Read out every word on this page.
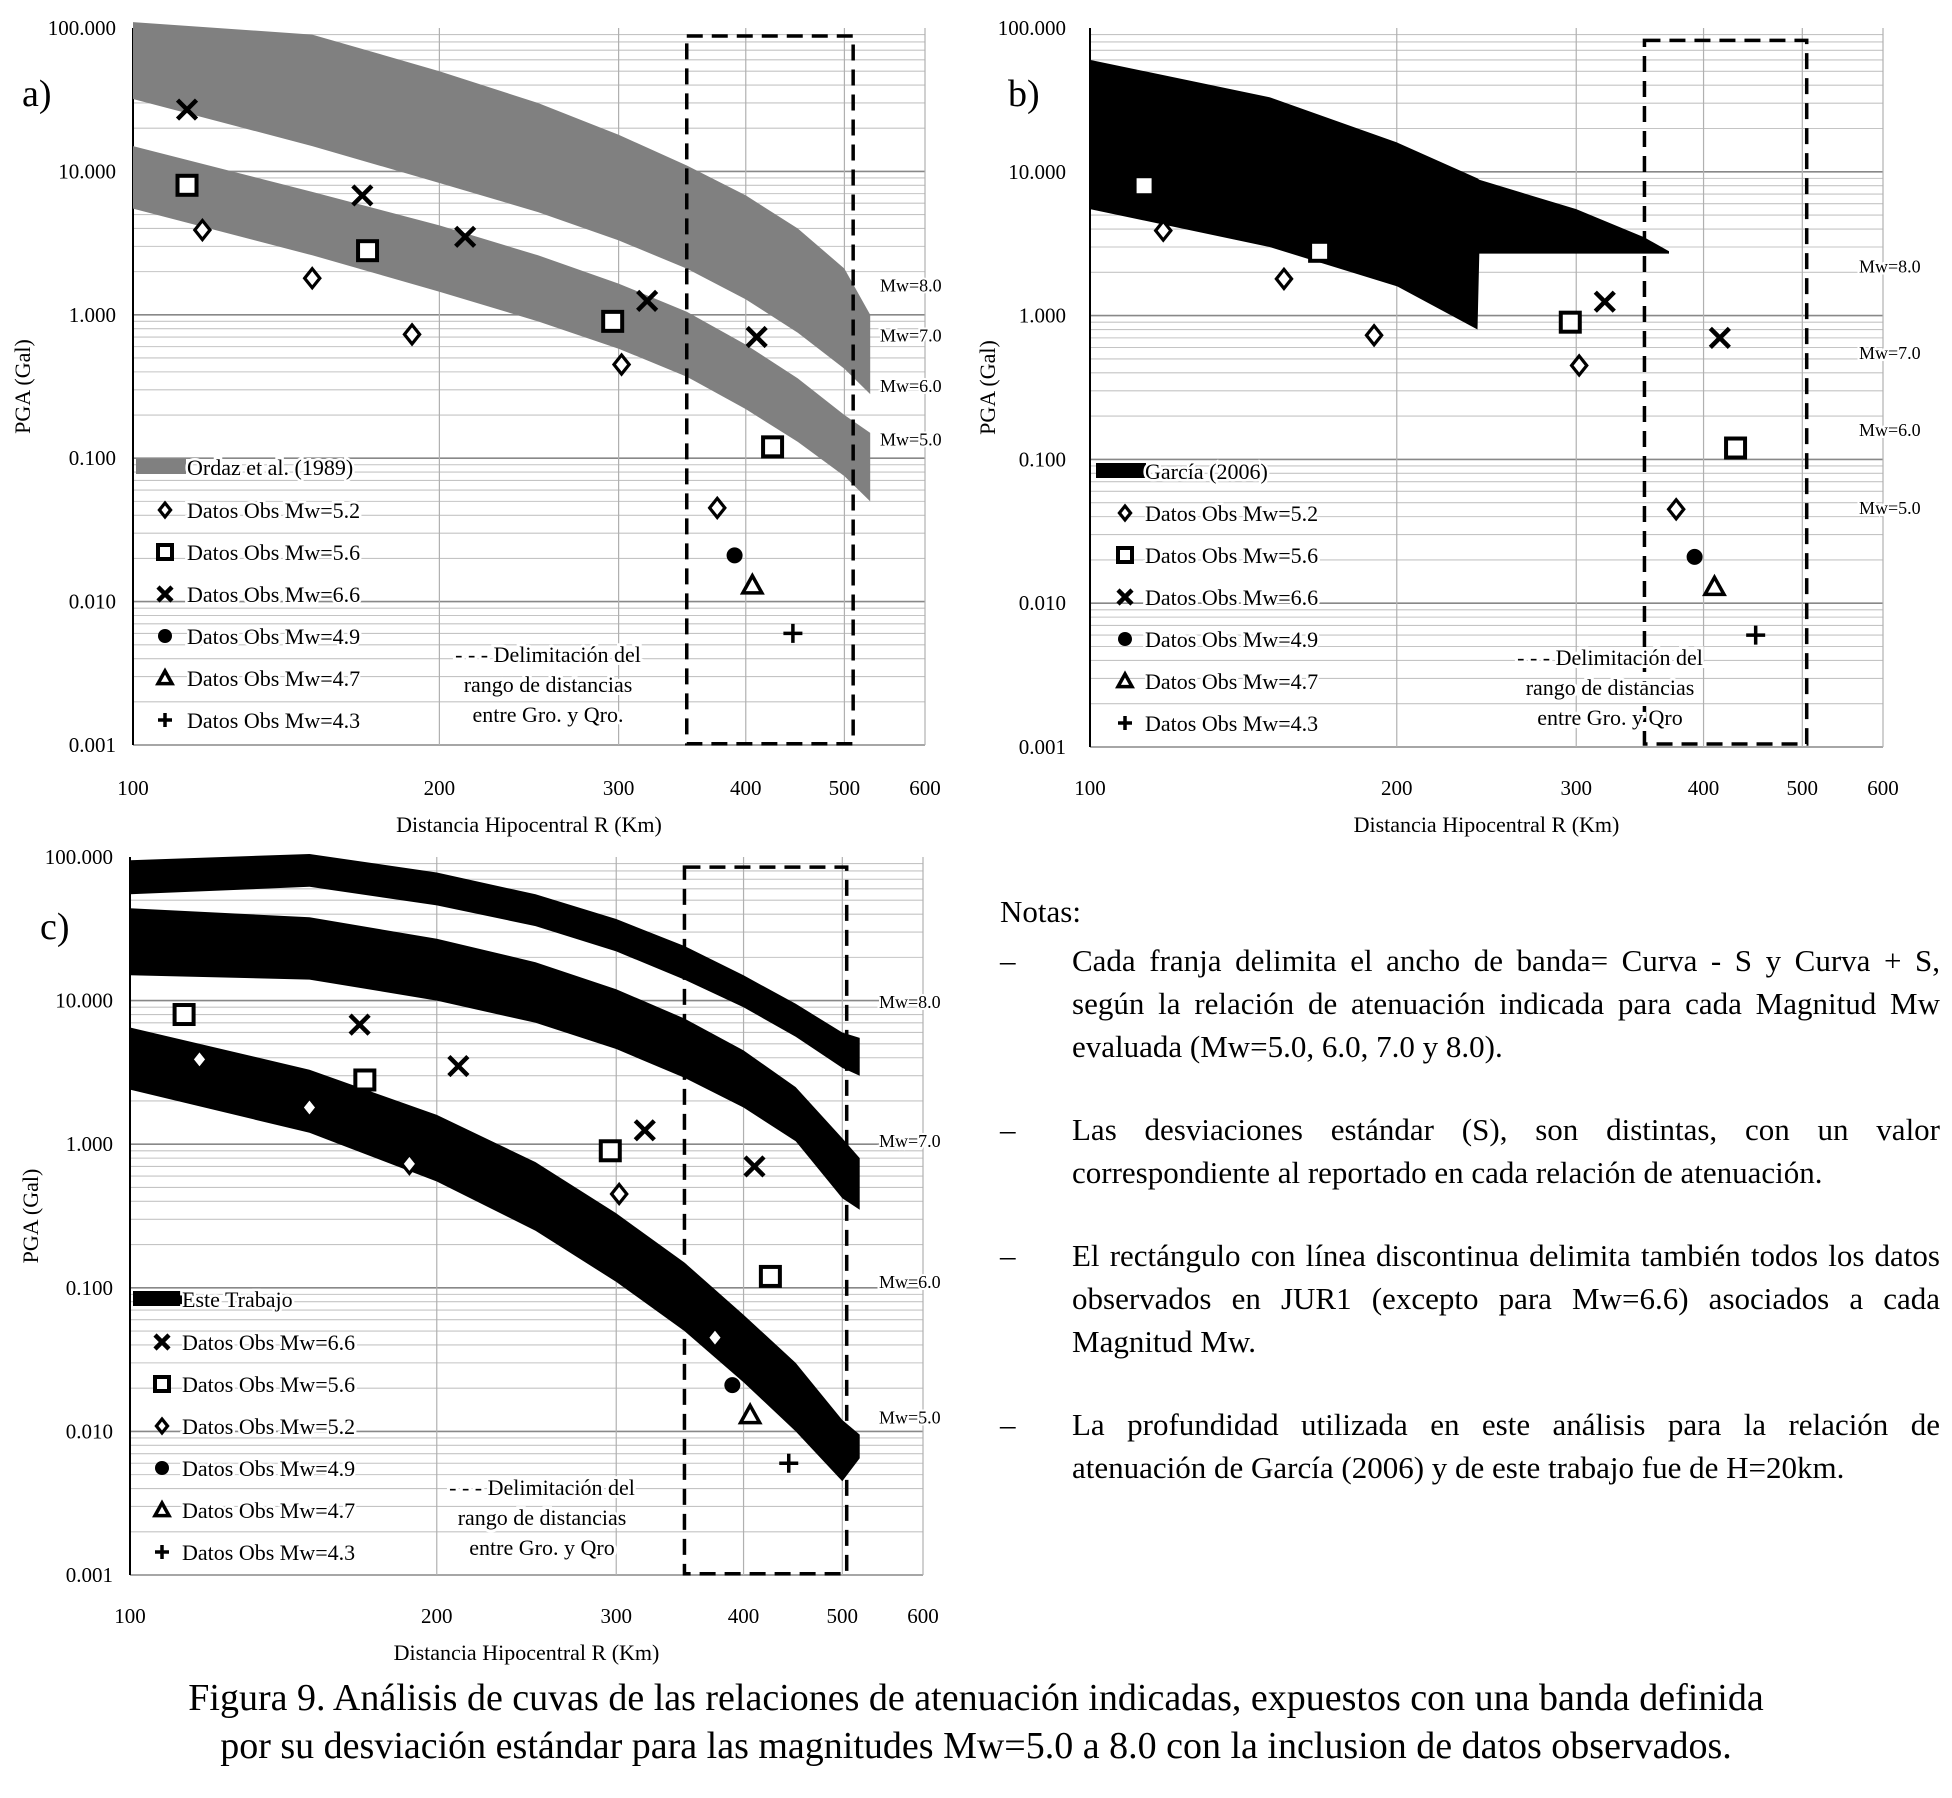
Mw=8.0
Mw=7.0
Mw=6.0
Mw=5.0
0.001
0.010
0.100
1.000
10.000
100.000
100	200	300	400	500 600
Distancia Hipocentral R (Km)
PGA (Gal)
a)
Ordaz et al. (1989)
Datos Obs Mw=5.2
Datos Obs Mw=5.6
Datos Obs Mw=6.6
Datos Obs Mw=4.9
Datos Obs Mw=4.7
Datos Obs Mw=4.3
- - - Delimitación del
rango de distancias
entre Gro. y Qro.
Mw=8.0
Mw=7.0
Mw=6.0
Mw=5.0
0.001
0.010
0.100
1.000
10.000
100.000
100	200	300	400	500 600
Distancia Hipocentral R (Km)
PGA (Gal)
b)
García (2006)
Datos Obs Mw=5.2
Datos Obs Mw=5.6
Datos Obs Mw=6.6
Datos Obs Mw=4.9
Datos Obs Mw=4.7
Datos Obs Mw=4.3
- - - Delimitación del
rango de distancias
entre Gro. y Qro
Mw=8.0
Mw=7.0
Mw=6.0
Mw=5.0
0.001
0.010
0.100
1.000
10.000
100.000
100	200	300	400	500 600
Distancia Hipocentral R (Km)
PGA (Gal)
c)
Este Trabajo
Datos Obs Mw=6.6
Datos Obs Mw=5.6
Datos Obs Mw=5.2
Datos Obs Mw=4.9
Datos Obs Mw=4.7
Datos Obs Mw=4.3
- - - Delimitación del
rango de distancias
entre Gro. y Qro
Notas:
– Cada franja delimita el ancho de banda= Curva - S y Curva + S, según la relación de atenuación indicada para cada Magnitud Mw evaluada (Mw=5.0, 6.0, 7.0 y 8.0).
– Las desviaciones estándar (S), son distintas, con un valor correspondiente al reportado en cada relación de atenuación.
– El rectángulo con línea discontinua delimita también todos los datos observados en JUR1 (excepto para Mw=6.6) asociados a cada Magnitud Mw.
– La profundidad utilizada en este análisis para la relación de atenuación de García (2006) y de este trabajo fue de H=20km.
Figura 9. Análisis de cuvas de las relaciones de atenuación indicadas, expuestos con una banda definida
por su desviación estándar para las magnitudes Mw=5.0 a 8.0 con la inclusion de datos observados.
